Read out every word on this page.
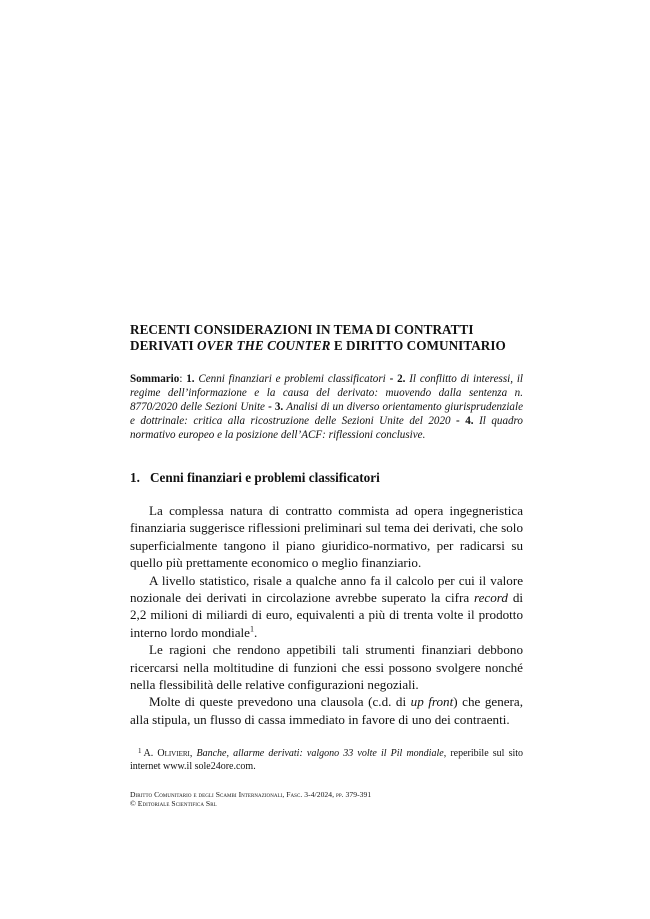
RECENTI CONSIDERAZIONI IN TEMA DI CONTRATTI
DERIVATI OVER THE COUNTER E DIRITTO COMUNITARIO
Sommario: 1. Cenni finanziari e problemi classificatori - 2. Il conflitto di interessi, il regime dell’informazione e la causa del derivato: muovendo dalla sentenza n. 8770/2020 delle Sezioni Unite - 3. Analisi di un diverso orientamento giurisprudenziale e dottrinale: critica alla ricostruzione delle Sezioni Unite del 2020 - 4. Il quadro normativo europeo e la posizione dell’ACF: riflessioni conclusive.
1. Cenni finanziari e problemi classificatori

La complessa natura di contratto commista ad opera ingegneristica finanziaria suggerisce riflessioni preliminari sul tema dei derivati, che solo superficialmente tangono il piano giuridico-normativo, per radicarsi su quello più prettamente economico o meglio finanziario.

A livello statistico, risale a qualche anno fa il calcolo per cui il valore nozionale dei derivati in circolazione avrebbe superato la cifra record di 2,2 milioni di miliardi di euro, equivalenti a più di trenta volte il prodotto interno lordo mondiale$^1$.

Le ragioni che rendono appetibili tali strumenti finanziari debbono ricercarsi nella moltitudine di funzioni che essi possono svolgere nonché nella flessibilità delle relative configurazioni negoziali.

Molte di queste prevedono una clausola (c.d. di up front) che genera, alla stipula, un flusso di cassa immediato in favore di uno dei contraenti.

$^1$ A. Olivieri, Banche, allarme derivati: valgono 33 volte il Pil mondiale, reperibile sul sito internet www.il sole24ore.com.
Diritto Comunitario e degli Scambi Internazionali, Fasc. 3-4/2024, pp. 379-391
© Editoriale Scientifica Srl
